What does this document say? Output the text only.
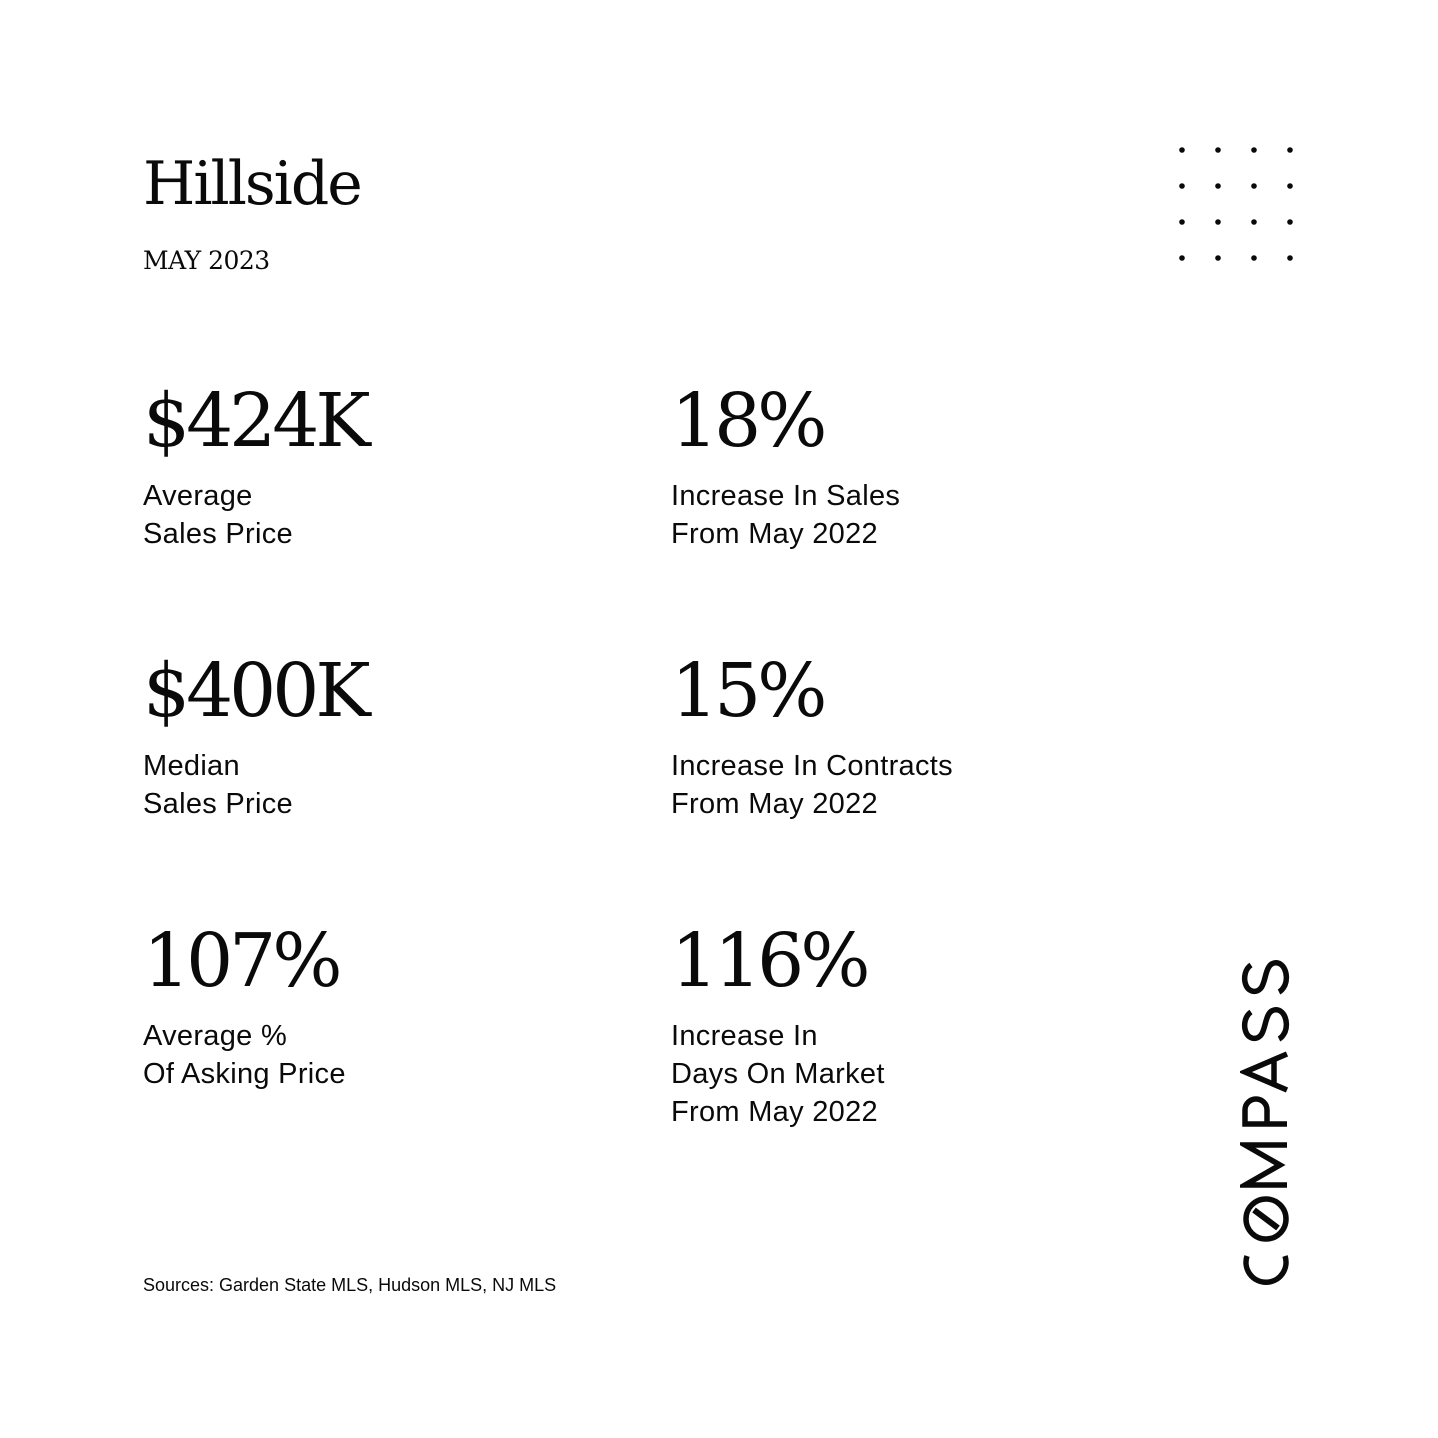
Hillside
MAY 2023
$424K
Average
Sales Price
18%
Increase In Sales
From May 2022
$400K
Median
Sales Price
15%
Increase In Contracts
From May 2022
107%
Average %
Of Asking Price
116%
Increase In
Days On Market
From May 2022
Sources: Garden State MLS, Hudson MLS, NJ MLS
